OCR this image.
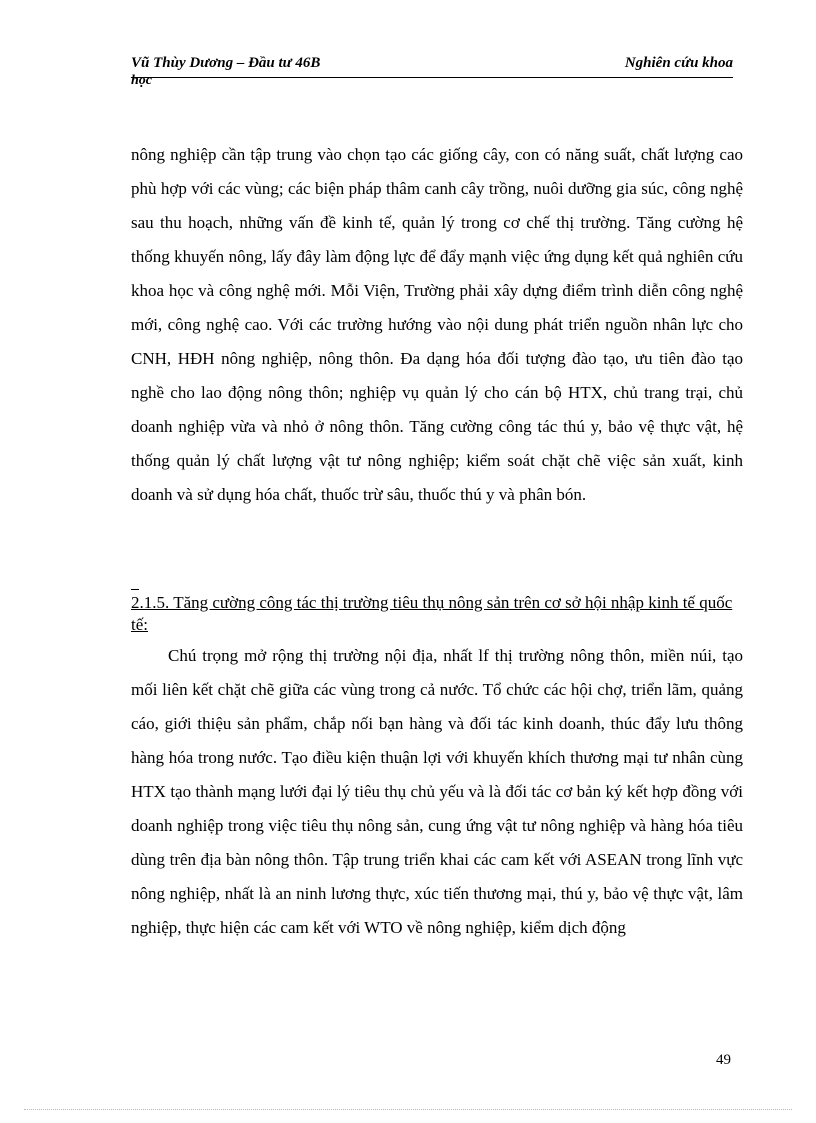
Vũ Thùy Dương – Đầu tư 46B	Nghiên cứu khoa
học
nông nghiệp cần tập trung vào chọn tạo các giống cây, con có năng suất, chất lượng cao phù hợp với các vùng; các biện pháp thâm canh cây trồng, nuôi dưỡng gia súc, công nghệ sau thu hoạch, những vấn đề kinh tế, quản lý trong cơ chế thị trường. Tăng cường hệ thống khuyến nông, lấy đây làm động lực để đẩy mạnh việc ứng dụng kết quả nghiên cứu khoa học và công nghệ mới. Mỗi Viện, Trường phải xây dựng điểm trình diễn công nghệ mới, công nghệ cao. Với các trường hướng vào nội dung phát triển nguồn nhân lực cho CNH, HĐH nông nghiệp, nông thôn. Đa dạng hóa đối tượng đào tạo, ưu tiên đào tạo nghề cho lao động nông thôn; nghiệp vụ quản lý cho cán bộ HTX, chủ trang trại, chủ doanh nghiệp vừa và nhỏ ở nông thôn. Tăng cường công tác thú y, bảo vệ thực vật, hệ thống quản lý chất lượng vật tư nông nghiệp; kiểm soát chặt chẽ việc sản xuất, kinh doanh và sử dụng hóa chất, thuốc trừ sâu, thuốc thú y và phân bón.
2.1.5. Tăng cường công tác thị trường tiêu thụ nông sản trên cơ sở hội nhập kinh tế quốc tế:
Chú trọng mở rộng thị trường nội địa, nhất lf thị trường nông thôn, miền núi, tạo mối liên kết chặt chẽ giữa các vùng trong cả nước. Tổ chức các hội chợ, triển lãm, quảng cáo, giới thiệu sản phẩm, chắp nối bạn hàng và đối tác kinh doanh, thúc đẩy lưu thông hàng hóa trong nước. Tạo điều kiện thuận lợi với khuyến khích thương mại tư nhân cùng HTX tạo thành mạng lưới đại lý tiêu thụ chủ yếu và là đối tác cơ bản ký kết hợp đồng với doanh nghiệp trong việc tiêu thụ nông sản, cung ứng vật tư nông nghiệp và hàng hóa tiêu dùng trên địa bàn nông thôn. Tập trung triển khai các cam kết với ASEAN trong lĩnh vực nông nghiệp, nhất là an ninh lương thực, xúc tiến thương mại, thú y, bảo vệ thực vật, lâm nghiệp, thực hiện các cam kết với WTO về nông nghiệp, kiểm dịch động
49
